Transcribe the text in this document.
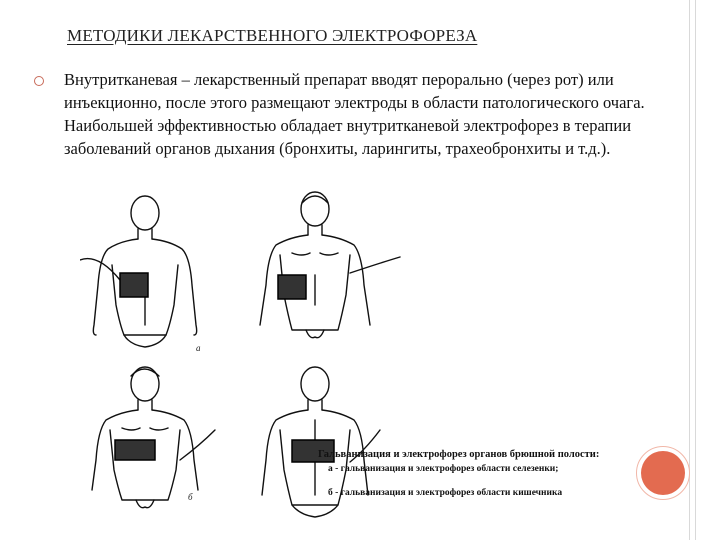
МЕТОДИКИ ЛЕКАРСТВЕННОГО ЭЛЕКТРОФОРЕЗА
Внутритканевая – лекарственный препарат вводят перорально (через рот) или инъекционно, после этого размещают электроды в области патологического очага. Наибольшей эффективностью обладает внутритканевой электрофорез в терапии заболеваний органов дыхания (бронхиты, ларингиты, трахеобронхиты и т.д.).
а
б
Гальванизация и электрофорез органов брюшной полости:
а - гальванизация и электрофорез области селезенки;
б - гальванизация и электрофорез области кишечника
